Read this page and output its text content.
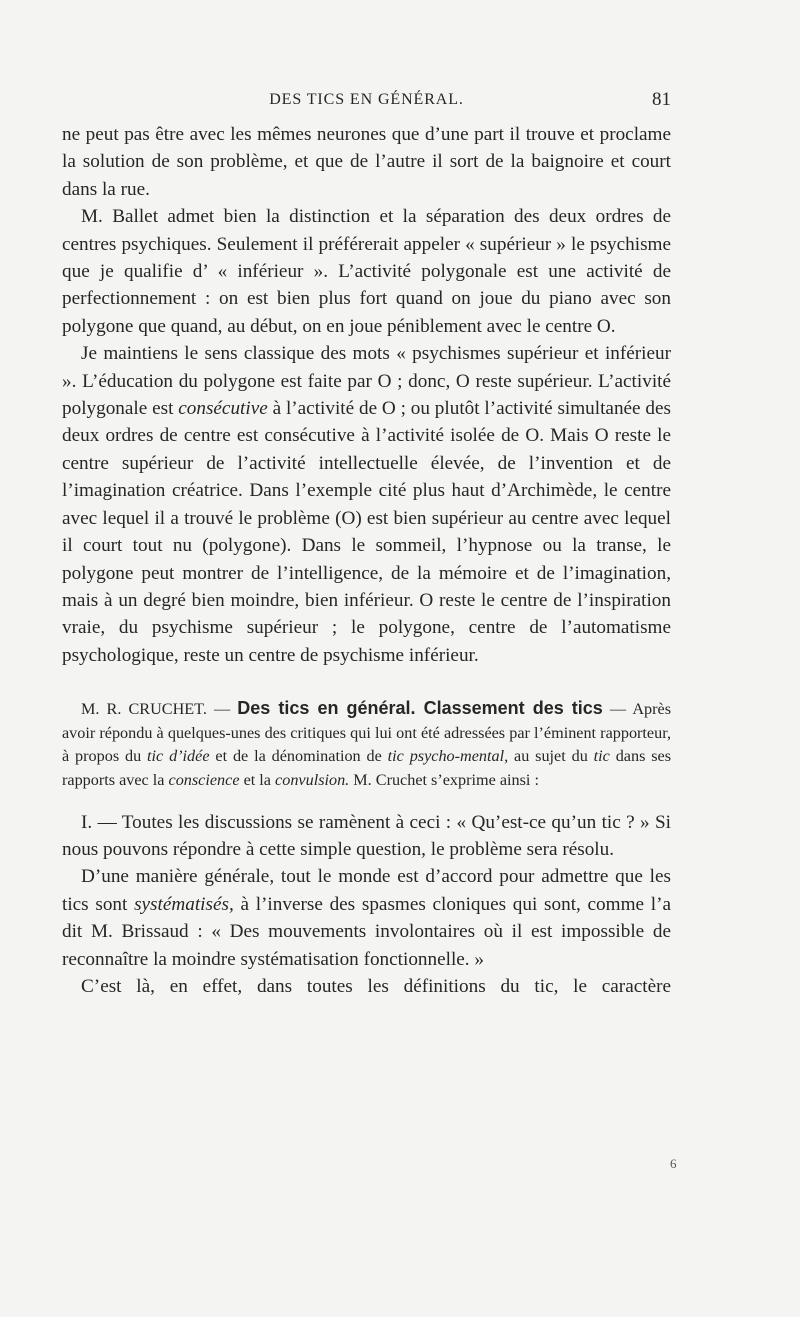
DES TICS EN GÉNÉRAL.	81

ne peut pas être avec les mêmes neurones que d’une part il trouve et proclame la solution de son problème, et que de l’autre il sort de la baignoire et court dans la rue.

M. Ballet admet bien la distinction et la séparation des deux ordres de centres psychiques. Seulement il préférerait appeler « supérieur » le psychisme que je qualifie d’ « inférieur ». L’activité polygonale est une activité de perfectionnement : on est bien plus fort quand on joue du piano avec son polygone que quand, au début, on en joue péniblement avec le centre O.

Je maintiens le sens classique des mots « psychismes supérieur et inférieur ». L’éducation du polygone est faite par O ; donc, O reste supérieur. L’activité polygonale est consécutive à l’activité de O ; ou plutôt l’activité simultanée des deux ordres de centre est consécutive à l’activité isolée de O. Mais O reste le centre supérieur de l’activité intellectuelle élevée, de l’invention et de l’imagination créatrice. Dans l’exemple cité plus haut d’Archimède, le centre avec lequel il a trouvé le problème (O) est bien supérieur au centre avec lequel il court tout nu (polygone). Dans le sommeil, l’hypnose ou la transe, le polygone peut montrer de l’intelligence, de la mémoire et de l’imagination, mais à un degré bien moindre, bien inférieur. O reste le centre de l’inspiration vraie, du psychisme supérieur ; le polygone, centre de l’automatisme psychologique, reste un centre de psychisme inférieur.

M. R. CRUCHET. — Des tics en général. Classement des tics — Après avoir répondu à quelques-unes des critiques qui lui ont été adressées par l’éminent rapporteur, à propos du tic d’idée et de la dénomination de tic psycho-mental, au sujet du tic dans ses rapports avec la conscience et la convulsion. M. Cruchet s’exprime ainsi :

I. — Toutes les discussions se ramènent à ceci : « Qu’est-ce qu’un tic ? » Si nous pouvons répondre à cette simple question, le problème sera résolu.

D’une manière générale, tout le monde est d’accord pour admettre que les tics sont systématisés, à l’inverse des spasmes cloniques qui sont, comme l’a dit M. Brissaud : « Des mouvements involontaires où il est impossible de reconnaître la moindre systématisation fonctionnelle. »

C’est là, en effet, dans toutes les définitions du tic, le caractère

6
